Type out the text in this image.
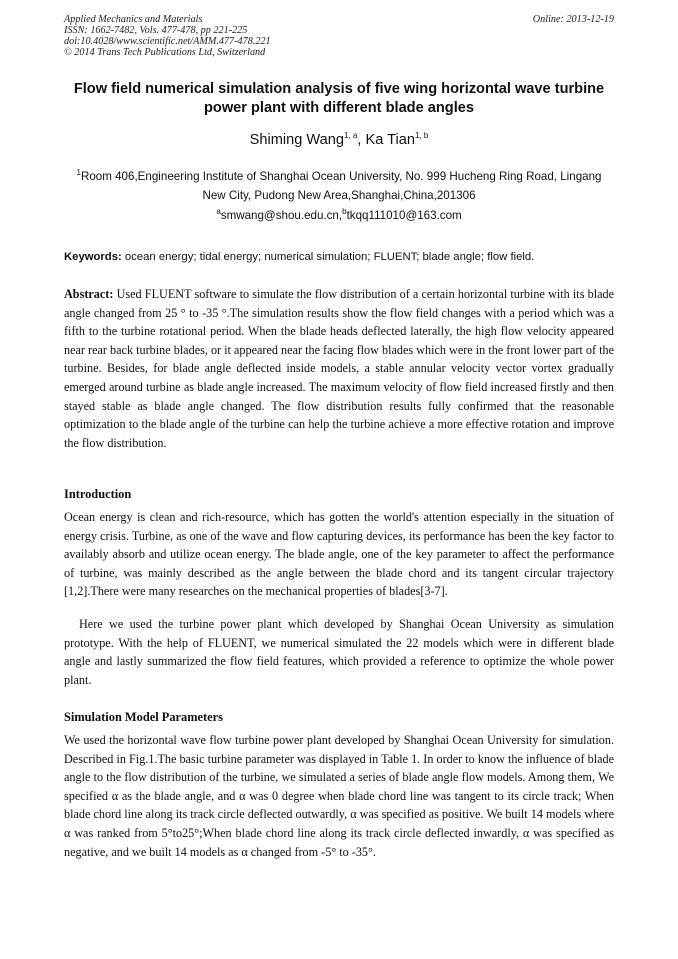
Applied Mechanics and Materials
ISSN: 1662-7482, Vols. 477-478, pp 221-225
doi:10.4028/www.scientific.net/AMM.477-478.221
© 2014 Trans Tech Publications Ltd, Switzerland
Online: 2013-12-19
Flow field numerical simulation analysis of five wing horizontal wave turbine power plant with different blade angles
Shiming Wang$^{1, a}$, Ka Tian$^{1, b}$
$^1$Room 406,Engineering Institute of Shanghai Ocean University, No. 999 Hucheng Ring Road, Lingang New City, Pudong New Area,Shanghai,China,201306
$^a$smwang@shou.edu.cn,$^b$tkqq111010@163.com
Keywords: ocean energy; tidal energy; numerical simulation; FLUENT; blade angle; flow field.
Abstract: Used FLUENT software to simulate the flow distribution of a certain horizontal turbine with its blade angle changed from 25 ° to -35 °.The simulation results show the flow field changes with a period which was a fifth to the turbine rotational period. When the blade heads deflected laterally, the high flow velocity appeared near rear back turbine blades, or it appeared near the facing flow blades which were in the front lower part of the turbine. Besides, for blade angle deflected inside models, a stable annular velocity vector vortex gradually emerged around turbine as blade angle increased. The maximum velocity of flow field increased firstly and then stayed stable as blade angle changed. The flow distribution results fully confirmed that the reasonable optimization to the blade angle of the turbine can help the turbine achieve a more effective rotation and improve the flow distribution.
Introduction
Ocean energy is clean and rich-resource, which has gotten the world's attention especially in the situation of energy crisis. Turbine, as one of the wave and flow capturing devices, its performance has been the key factor to availably absorb and utilize ocean energy. The blade angle, one of the key parameter to affect the performance of turbine, was mainly described as the angle between the blade chord and its tangent circular trajectory [1,2].There were many researches on the mechanical properties of blades[3-7].
Here we used the turbine power plant which developed by Shanghai Ocean University as simulation prototype. With the help of FLUENT, we numerical simulated the 22 models which were in different blade angle and lastly summarized the flow field features, which provided a reference to optimize the whole power plant.
Simulation Model Parameters
We used the horizontal wave flow turbine power plant developed by Shanghai Ocean University for simulation. Described in Fig.1.The basic turbine parameter was displayed in Table 1. In order to know the influence of blade angle to the flow distribution of the turbine, we simulated a series of blade angle flow models. Among them, We specified α as the blade angle, and α was 0 degree when blade chord line was tangent to its circle track; When blade chord line along its track circle deflected outwardly, α was specified as positive. We built 14 models where α was ranked from 5°to25°;When blade chord line along its track circle deflected inwardly, α was specified as negative, and we built 14 models as α changed from -5° to -35°.
